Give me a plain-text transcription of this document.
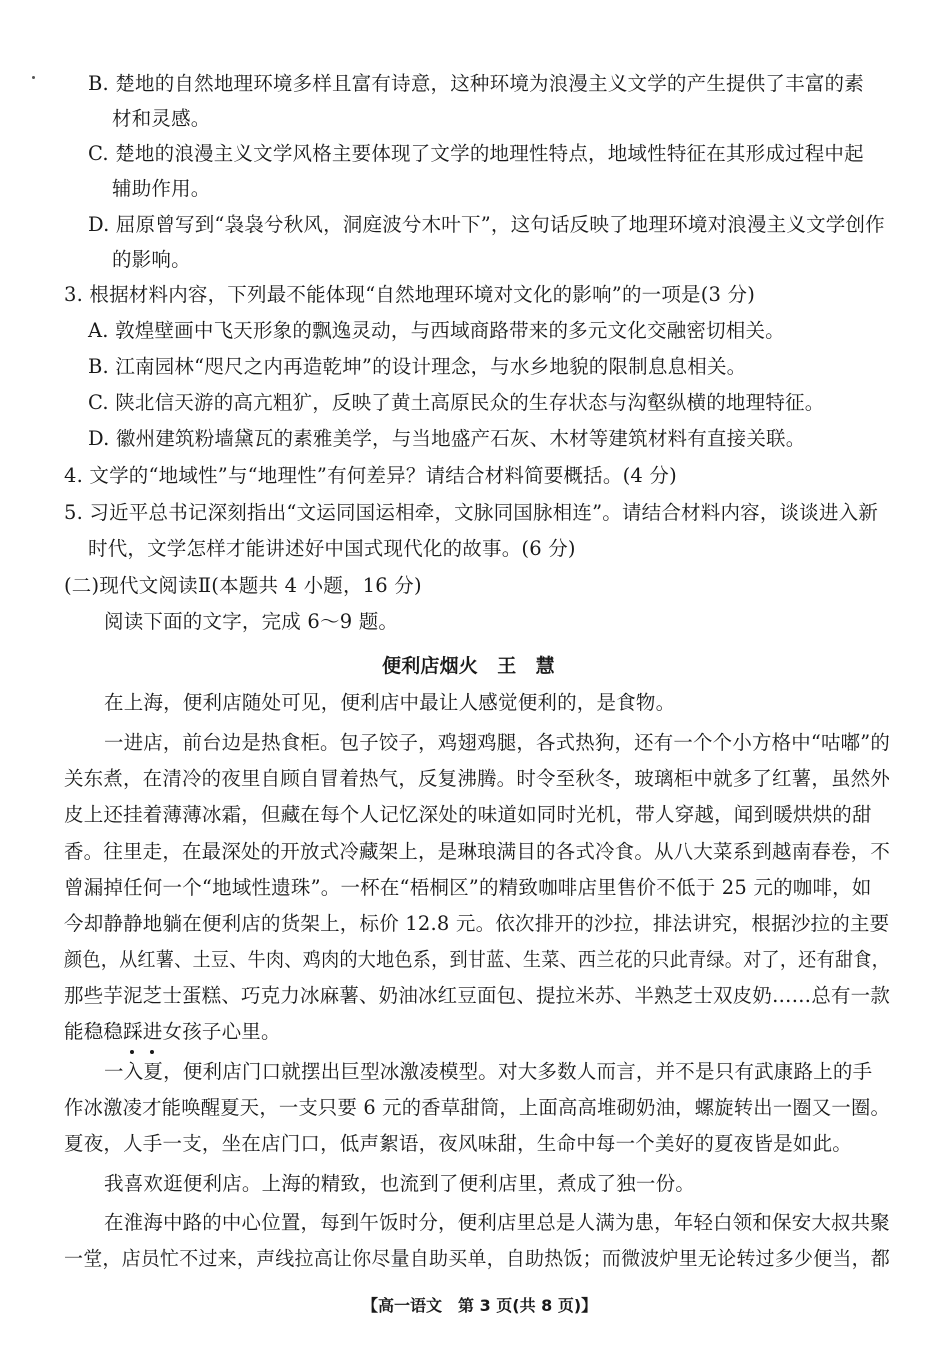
B. 楚地的自然地理环境多样且富有诗意，这种环境为浪漫主义文学的产生提供了丰富的素
材和灵感。
C. 楚地的浪漫主义文学风格主要体现了文学的地理性特点，地域性特征在其形成过程中起
辅助作用。
D. 屈原曾写到“袅袅兮秋风，洞庭波兮木叶下”，这句话反映了地理环境对浪漫主义文学创作
的影响。
3. 根据材料内容，下列最不能体现“自然地理环境对文化的影响”的一项是(3 分)
A. 敦煌壁画中飞天形象的飘逸灵动，与西域商路带来的多元文化交融密切相关。
B. 江南园林“咫尺之内再造乾坤”的设计理念，与水乡地貌的限制息息相关。
C. 陕北信天游的高亢粗犷，反映了黄土高原民众的生存状态与沟壑纵横的地理特征。
D. 徽州建筑粉墙黛瓦的素雅美学，与当地盛产石灰、木材等建筑材料有直接关联。
4. 文学的“地域性”与“地理性”有何差异？请结合材料简要概括。(4 分)
5. 习近平总书记深刻指出“文运同国运相牵，文脉同国脉相连”。请结合材料内容，谈谈进入新
时代，文学怎样才能讲述好中国式现代化的故事。(6 分)
(二)现代文阅读Ⅱ(本题共 4 小题，16 分)
阅读下面的文字，完成 6～9 题。
便利店烟火　王　慧
在上海，便利店随处可见，便利店中最让人感觉便利的，是食物。
一进店，前台边是热食柜。包子饺子，鸡翅鸡腿，各式热狗，还有一个个小方格中“咕嘟”的
关东煮，在清冷的夜里自顾自冒着热气，反复沸腾。时令至秋冬，玻璃柜中就多了红薯，虽然外
皮上还挂着薄薄冰霜，但藏在每个人记忆深处的味道如同时光机，带人穿越，闻到暖烘烘的甜
香。往里走，在最深处的开放式冷藏架上，是琳琅满目的各式冷食。从八大菜系到越南春卷，不
曾漏掉任何一个“地域性遗珠”。一杯在“梧桐区”的精致咖啡店里售价不低于 25 元的咖啡，如
今却静静地躺在便利店的货架上，标价 12.8 元。依次排开的沙拉，排法讲究，根据沙拉的主要
颜色，从红薯、土豆、牛肉、鸡肉的大地色系，到甘蓝、生菜、西兰花的只此青绿。对了，还有甜食，
那些芋泥芝士蛋糕、巧克力冰麻薯、奶油冰红豆面包、提拉米苏、半熟芝士双皮奶……总有一款
能稳稳踩进女孩子心里。
一入夏，便利店门口就摆出巨型冰激凌模型。对大多数人而言，并不是只有武康路上的手
作冰激凌才能唤醒夏天，一支只要 6 元的香草甜筒，上面高高堆砌奶油，螺旋转出一圈又一圈。
夏夜，人手一支，坐在店门口，低声絮语，夜风味甜，生命中每一个美好的夏夜皆是如此。
我喜欢逛便利店。上海的精致，也流到了便利店里，煮成了独一份。
在淮海中路的中心位置，每到午饭时分，便利店里总是人满为患，年轻白领和保安大叔共聚
一堂，店员忙不过来，声线拉高让你尽量自助买单，自助热饭；而微波炉里无论转过多少便当，都
【高一语文　第 3 页(共 8 页)】
